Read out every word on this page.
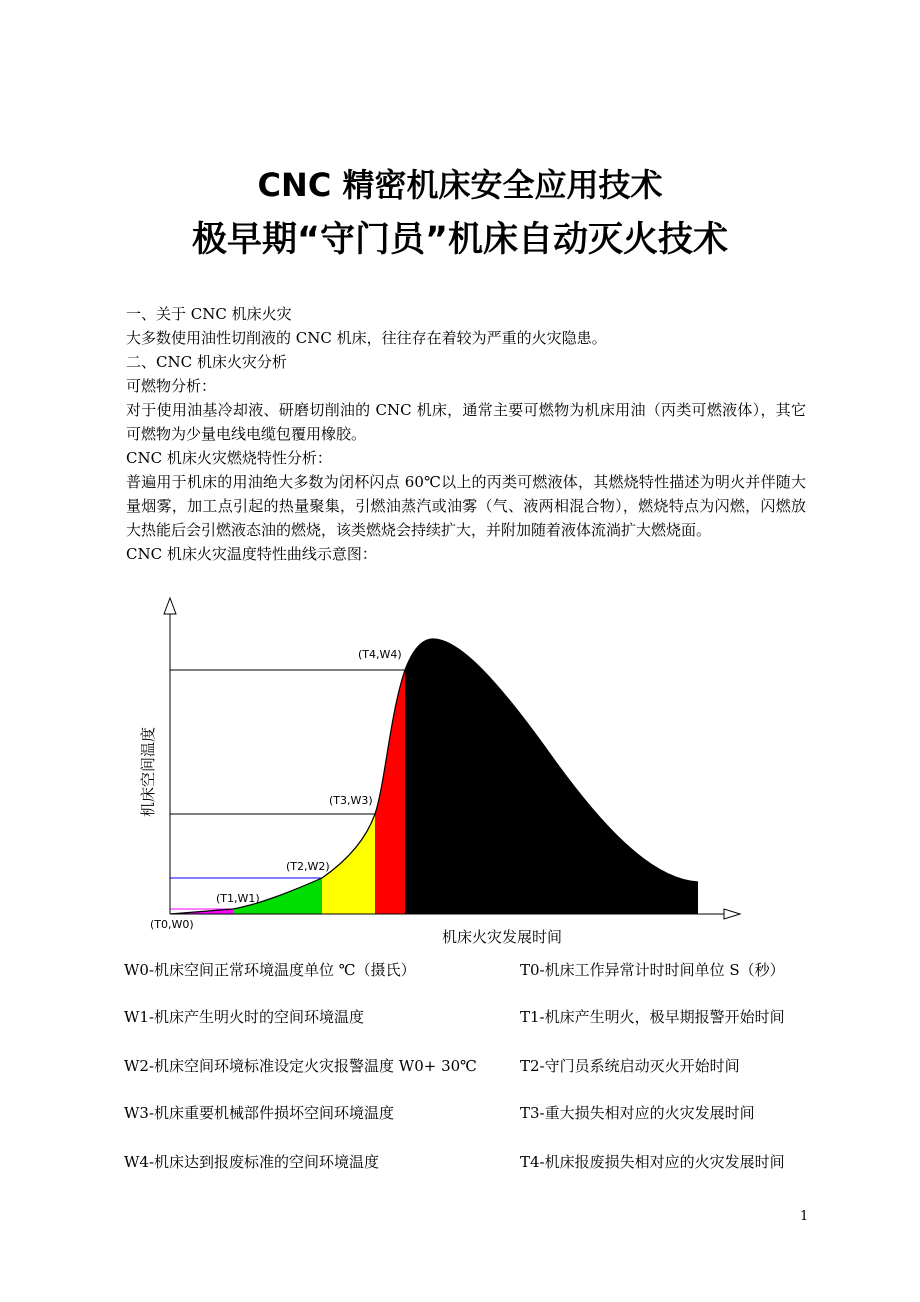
CNC 精密机床安全应用技术
极早期“守门员”机床自动灭火技术

一、关于 CNC 机床火灾

大多数使用油性切削液的 CNC 机床，往往存在着较为严重的火灾隐患。

二、CNC 机床火灾分析

可燃物分析：

对于使用油基冷却液、研磨切削油的 CNC 机床，通常主要可燃物为机床用油（丙类可燃液体），其它可燃物为少量电线电缆包覆用橡胶。

CNC 机床火灾燃烧特性分析：

普遍用于机床的用油绝大多数为闭杯闪点 60℃以上的丙类可燃液体，其燃烧特性描述为明火并伴随大量烟雾，加工点引起的热量聚集，引燃油蒸汽或油雾（气、液两相混合物），燃烧特点为闪燃，闪燃放大热能后会引燃液态油的燃烧，该类燃烧会持续扩大，并附加随着液体流淌扩大燃烧面。

CNC 机床火灾温度特性曲线示意图：

(T0,W0)
(T1,W1)
(T2,W2)
(T3,W3)
(T4,W4)
机床空间温度
机床火灾发展时间
W0-机床空间正常环境温度单位 ℃（摄氏）	T0-机床工作异常计时时间单位 S（秒）
W1-机床产生明火时的空间环境温度	T1-机床产生明火，极早期报警开始时间
W2-机床空间环境标准设定火灾报警温度 W0+ 30℃	T2-守门员系统启动灭火开始时间
W3-机床重要机械部件损坏空间环境温度	T3-重大损失相对应的火灾发展时间
W4-机床达到报废标准的空间环境温度	T4-机床报废损失相对应的火灾发展时间
1
